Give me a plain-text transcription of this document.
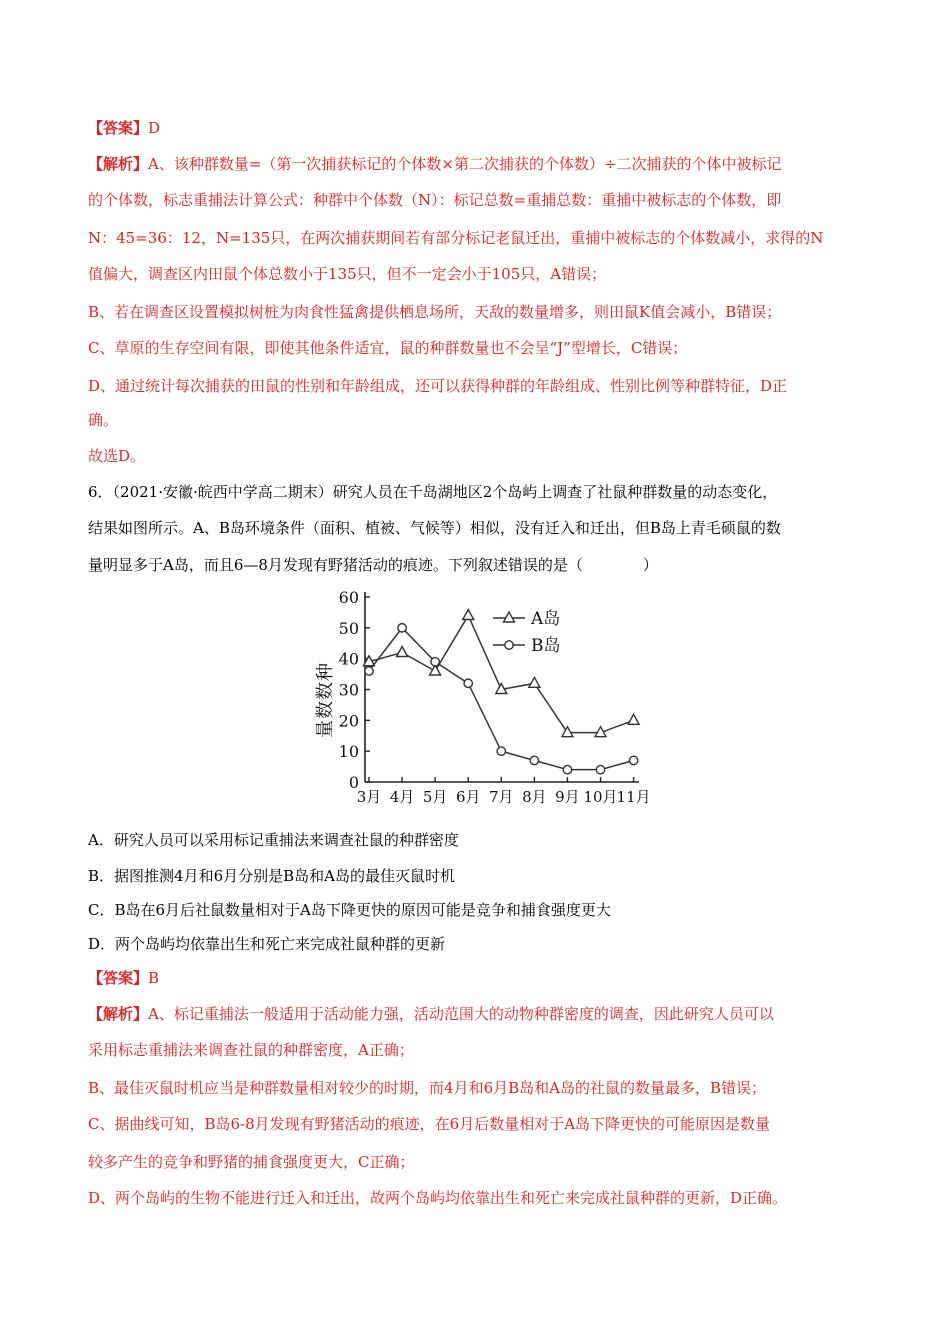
【答案】D
【解析】A、该种群数量=（第一次捕获标记的个体数×第二次捕获的个体数）÷二次捕获的个体中被标记
的个体数，标志重捕法计算公式：种群中个体数（N）：标记总数=重捕总数：重捕中被标志的个体数，即
N：45=36：12，N=135只，在两次捕获期间若有部分标记老鼠迁出，重捕中被标志的个体数减小，求得的N
值偏大，调查区内田鼠个体总数小于135只，但不一定会小于105只，A错误；
B、若在调查区设置模拟树桩为肉食性猛禽提供栖息场所，天敌的数量增多，则田鼠K值会减小，B错误；
C、草原的生存空间有限，即使其他条件适宜，鼠的种群数量也不会呈“J”型增长，C错误；
D、通过统计每次捕获的田鼠的性别和年龄组成，还可以获得种群的年龄组成、性别比例等种群特征，D正
确。
故选D。
6．（2021·安徽·皖西中学高二期末）研究人员在千岛湖地区2个岛屿上调查了社鼠种群数量的动态变化，
结果如图所示。A、B岛环境条件（面积、植被、气候等）相似，没有迁入和迁出，但B岛上青毛硕鼠的数
量明显多于A岛，而且6—8月发现有野猪活动的痕迹。下列叙述错误的是（　　　　）
0
10
20
30
40
50
60
3月 4月 5月 6月 7月 8月 9月 10月
11月
种
数
数
量
A岛
B岛
A．研究人员可以采用标记重捕法来调查社鼠的种群密度
B．据图推测4月和6月分别是B岛和A岛的最佳灭鼠时机
C．B岛在6月后社鼠数量相对于A岛下降更快的原因可能是竞争和捕食强度更大
D．两个岛屿均依靠出生和死亡来完成社鼠种群的更新
【答案】B
【解析】A、标记重捕法一般适用于活动能力强，活动范围大的动物种群密度的调查，因此研究人员可以
采用标志重捕法来调查社鼠的种群密度，A正确；
B、最佳灭鼠时机应当是种群数量相对较少的时期，而4月和6月B岛和A岛的社鼠的数量最多，B错误；
C、据曲线可知，B岛6-8月发现有野猪活动的痕迹，在6月后数量相对于A岛下降更快的可能原因是数量
较多产生的竞争和野猪的捕食强度更大，C正确；
D、两个岛屿的生物不能进行迁入和迁出，故两个岛屿均依靠出生和死亡来完成社鼠种群的更新，D正确。
